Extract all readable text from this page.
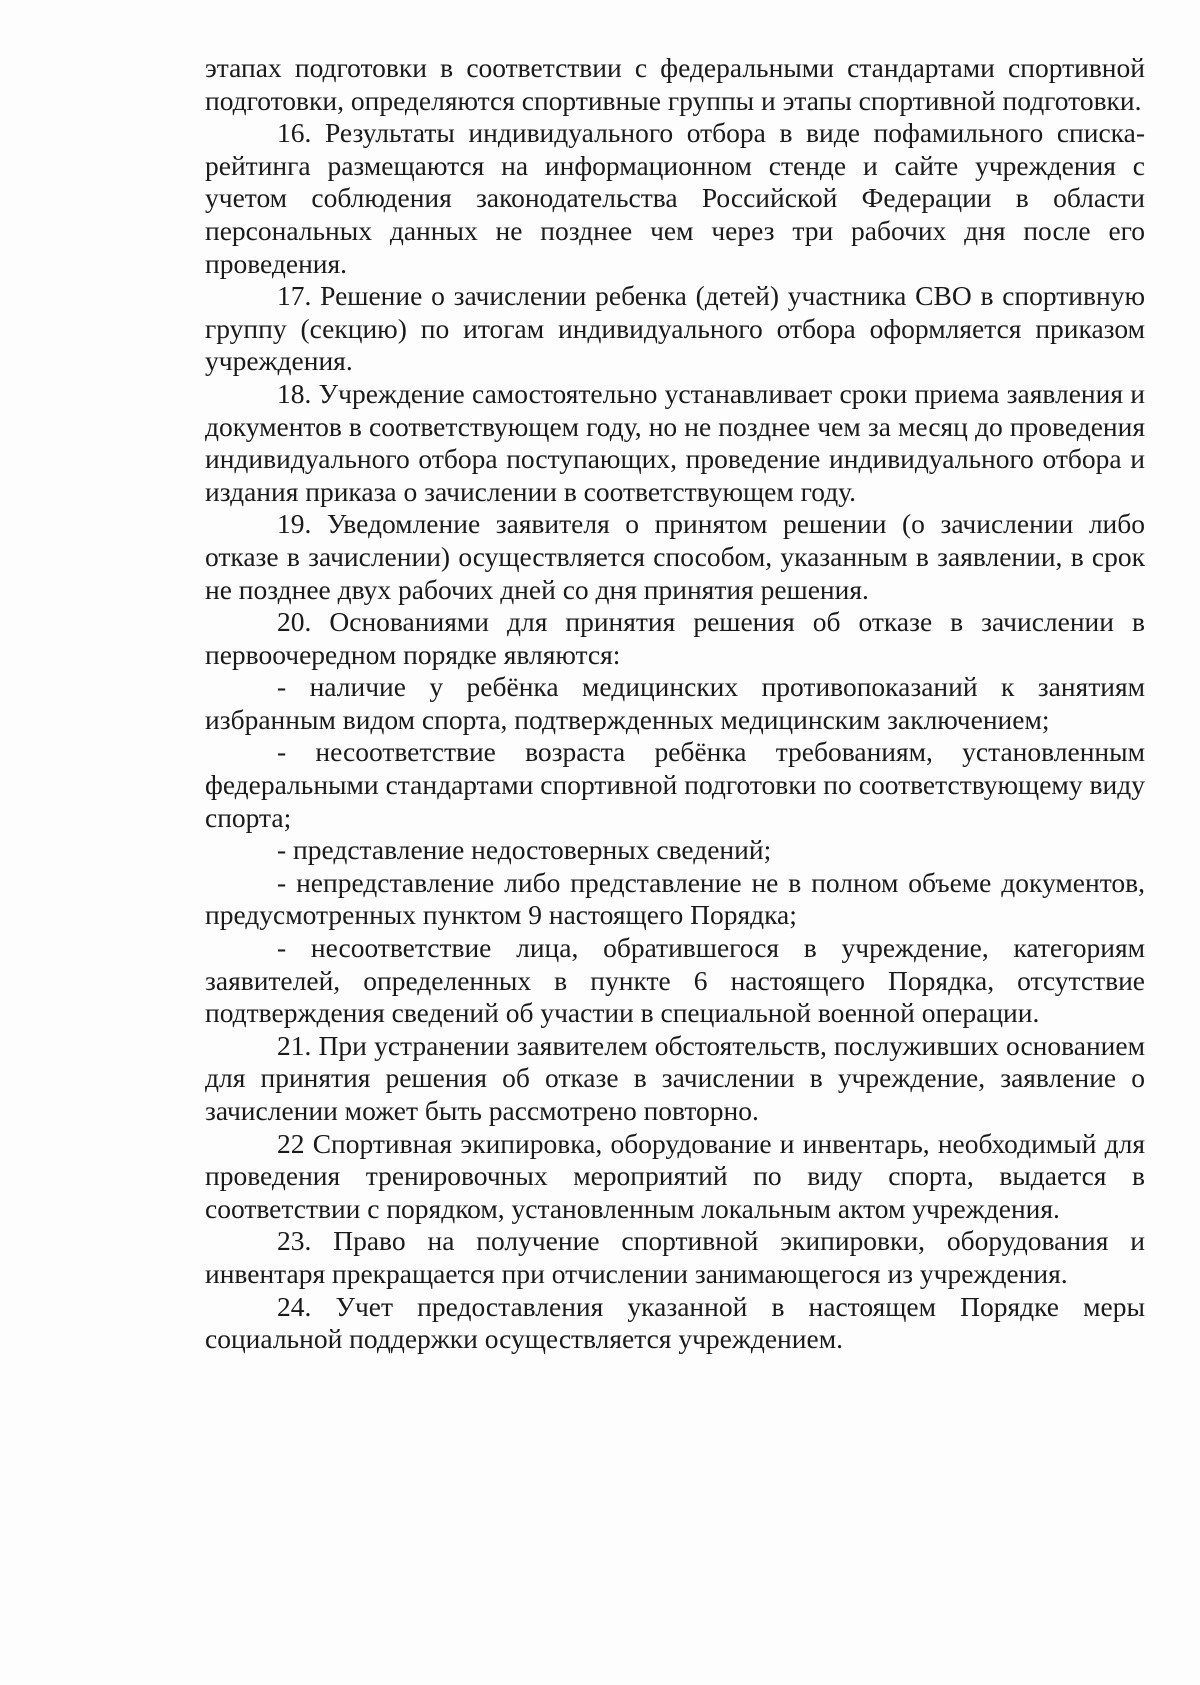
этапах подготовки в соответствии с федеральными стандартами спортивной подготовки, определяются спортивные группы и этапы спортивной подготовки.

16. Результаты индивидуального отбора в виде пофамильного списка-рейтинга размещаются на информационном стенде и сайте учреждения с учетом соблюдения законодательства Российской Федерации в области персональных данных не позднее чем через три рабочих дня после его проведения.

17. Решение о зачислении ребенка (детей) участника СВО в спортивную группу (секцию) по итогам индивидуального отбора оформляется приказом учреждения.

18. Учреждение самостоятельно устанавливает сроки приема заявления и документов в соответствующем году, но не позднее чем за месяц до проведения индивидуального отбора поступающих, проведение индивидуального отбора и издания приказа о зачислении в соответствующем году.

19. Уведомление заявителя о принятом решении (о зачислении либо отказе в зачислении) осуществляется способом, указанным в заявлении, в срок не позднее двух рабочих дней со дня принятия решения.

20. Основаниями для принятия решения об отказе в зачислении в первоочередном порядке являются:

- наличие у ребёнка медицинских противопоказаний к занятиям избранным видом спорта, подтвержденных медицинским заключением;

- несоответствие возраста ребёнка требованиям, установленным федеральными стандартами спортивной подготовки по соответствующему виду спорта;

- представление недостоверных сведений;

- непредставление либо представление не в полном объеме документов, предусмотренных пунктом 9 настоящего Порядка;

- несоответствие лица, обратившегося в учреждение, категориям заявителей, определенных в пункте 6 настоящего Порядка, отсутствие подтверждения сведений об участии в специальной военной операции.

21. При устранении заявителем обстоятельств, послуживших основанием для принятия решения об отказе в зачислении в учреждение, заявление о зачислении может быть рассмотрено повторно.

22 Спортивная экипировка, оборудование и инвентарь, необходимый для проведения тренировочных мероприятий по виду спорта, выдается в соответствии с порядком, установленным локальным актом учреждения.

23. Право на получение спортивной экипировки, оборудования и инвентаря прекращается при отчислении занимающегося из учреждения.

24. Учет предоставления указанной в настоящем Порядке меры социальной поддержки осуществляется учреждением.
